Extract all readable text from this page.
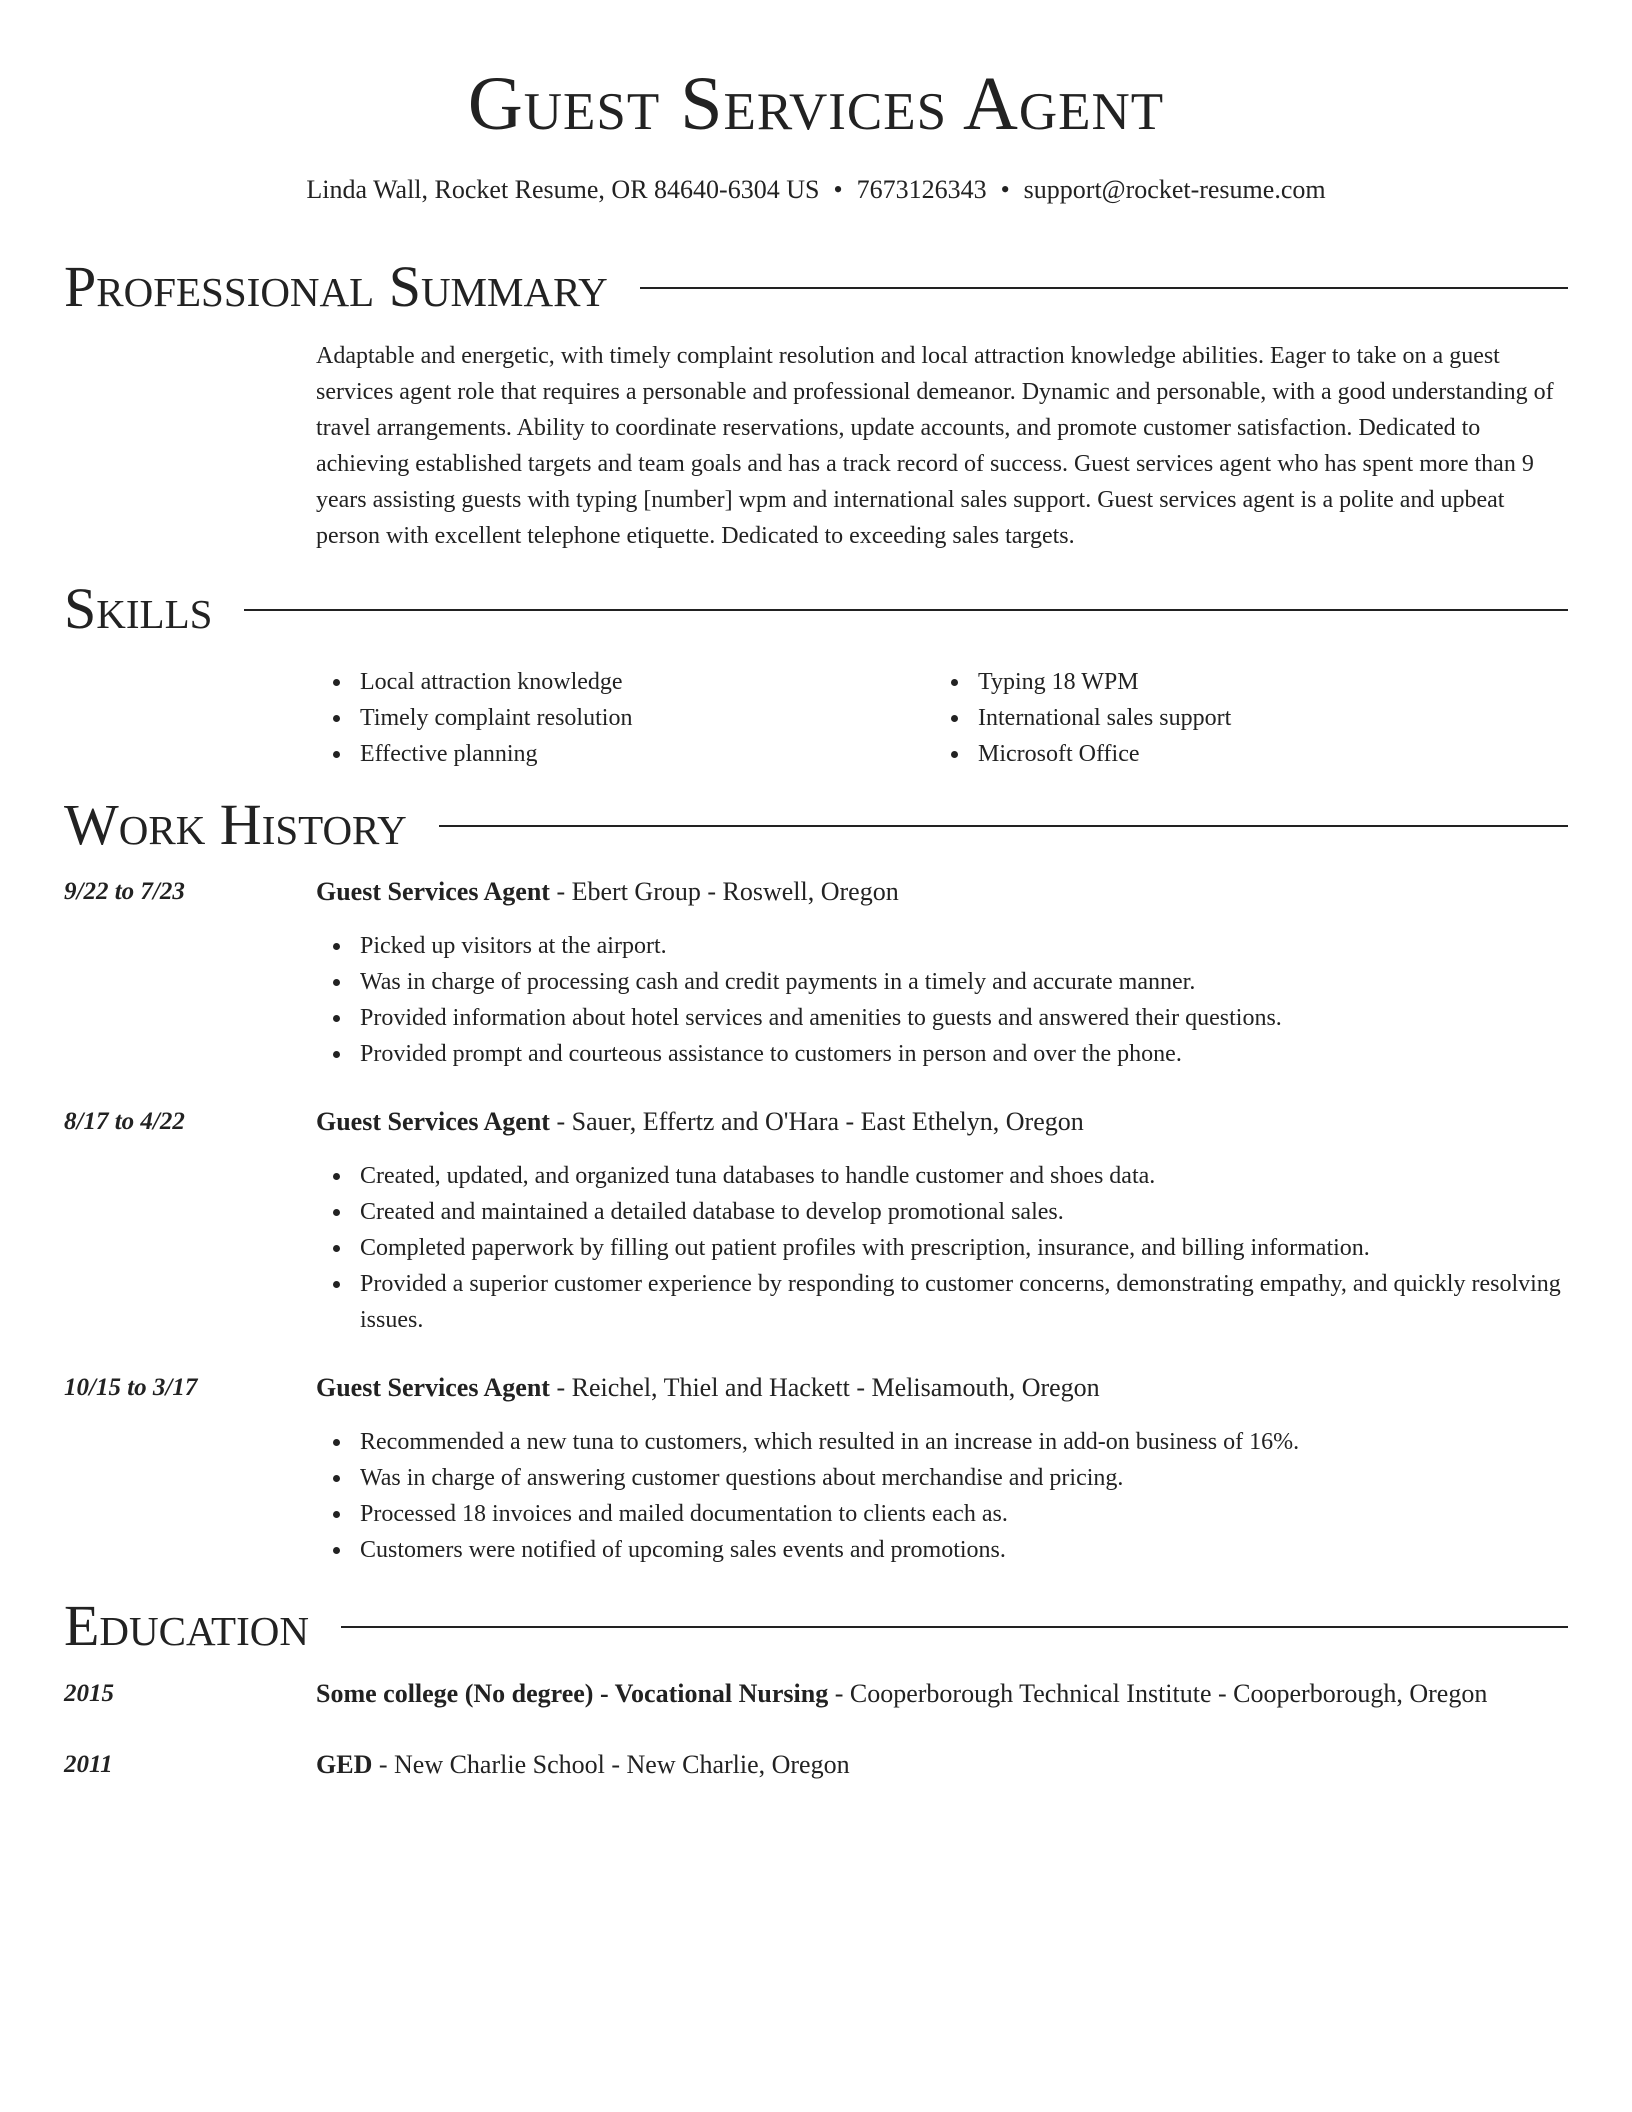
Guest Services Agent
Linda Wall, Rocket Resume, OR 84640-6304 US • 7673126343 • support@rocket-resume.com
Professional Summary

Adaptable and energetic, with timely complaint resolution and local attraction knowledge abilities. Eager to take on a guest services agent role that requires a personable and professional demeanor. Dynamic and personable, with a good understanding of travel arrangements. Ability to coordinate reservations, update accounts, and promote customer satisfaction. Dedicated to achieving established targets and team goals and has a track record of success. Guest services agent who has spent more than 9 years assisting guests with typing [number] wpm and international sales support. Guest services agent is a polite and upbeat person with excellent telephone etiquette. Dedicated to exceeding sales targets.

Skills
Local attraction knowledge
Timely complaint resolution
Effective planning
Typing 18 WPM
International sales support
Microsoft Office
Work History
9/22 to 7/23	Guest Services Agent - Ebert Group - Roswell, Oregon
Picked up visitors at the airport.
Was in charge of processing cash and credit payments in a timely and accurate manner.
Provided information about hotel services and amenities to guests and answered their questions.
Provided prompt and courteous assistance to customers in person and over the phone.
8/17 to 4/22	Guest Services Agent - Sauer, Effertz and O'Hara - East Ethelyn, Oregon
Created, updated, and organized tuna databases to handle customer and shoes data.
Created and maintained a detailed database to develop promotional sales.
Completed paperwork by filling out patient profiles with prescription, insurance, and billing information.
Provided a superior customer experience by responding to customer concerns, demonstrating empathy, and quickly resolving issues.
10/15 to 3/17	Guest Services Agent - Reichel, Thiel and Hackett - Melisamouth, Oregon
Recommended a new tuna to customers, which resulted in an increase in add-on business of 16%.
Was in charge of answering customer questions about merchandise and pricing.
Processed 18 invoices and mailed documentation to clients each as.
Customers were notified of upcoming sales events and promotions.
Education
2015	Some college (No degree) - Vocational Nursing - Cooperborough Technical Institute - Cooperborough, Oregon
2011	GED - New Charlie School - New Charlie, Oregon
